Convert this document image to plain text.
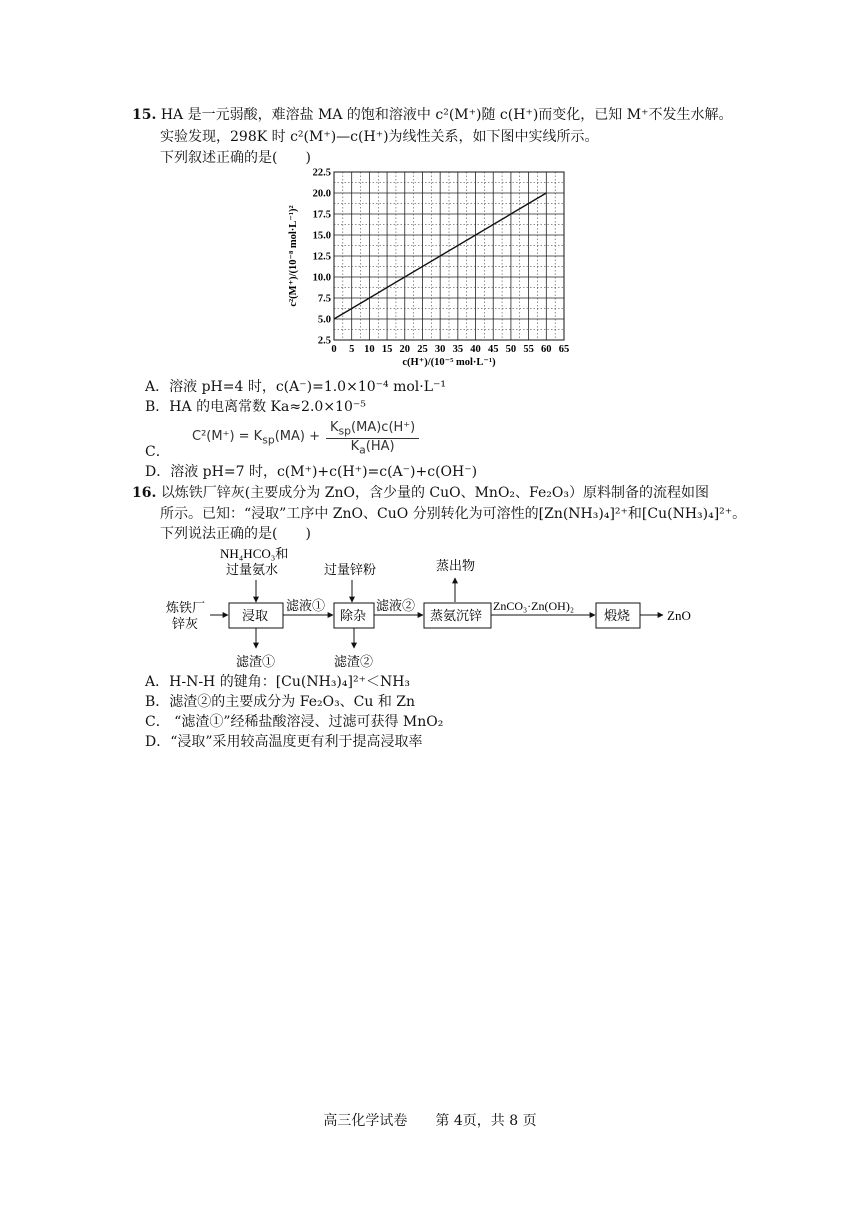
15. HA 是一元弱酸，难溶盐 MA 的饱和溶液中 c²(M⁺)随 c(H⁺)而变化，已知 M⁺不发生水解。
实验发现，298K 时 c²(M⁺)—c(H⁺)为线性关系，如下图中实线所示。
下列叙述正确的是(　　)
0 5 10 15 20 25 30 35 40 45 50 55 60 65
2.5
5.0
7.5
10.0
12.5
15.0
17.5
20.0
22.5
c(H⁺)/(10⁻⁵ mol·L⁻¹)
c²(M⁺)/(10⁻⁸ mol·L⁻¹)²
A．溶液 pH=4 时，c(A⁻)=1.0×10⁻⁴ mol·L⁻¹
B．HA 的电离常数 Ka≈2.0×10⁻⁵
$C^2(M^+) = K_{sp}(MA) + \frac{K_{sp}(MA)c(H^+)}{K_a(HA)}$
C．
D．溶液 pH=7 时，c(M⁺)+c(H⁺)=c(A⁻)+c(OH⁻)
16. 以炼铁厂锌灰(主要成分为 ZnO，含少量的 CuO、MnO₂、Fe₂O₃）原料制备的流程如图
所示。已知：“浸取”工序中 ZnO、CuO 分别转化为可溶性的[Zn(NH₃)₄]²⁺和[Cu(NH₃)₄]²⁺。
下列说法正确的是(　　)
NH₄HCO₃和
过量氨水	过量锌粉	蒸出物
炼铁厂
锌灰
浸取
滤液①
除杂
滤液②
蒸氨沉锌
ZnCO₃·Zn(OH)₂
煅烧	ZnO
滤渣①	滤渣②
A．H-N-H 的键角：[Cu(NH₃)₄]²⁺＜NH₃
B．滤渣②的主要成分为 Fe₂O₃、Cu 和 Zn
C． “滤渣①”经稀盐酸溶浸、过滤可获得 MnO₂
D．“浸取”采用较高温度更有利于提高浸取率
高三化学试卷　　第 4页，共 8 页
